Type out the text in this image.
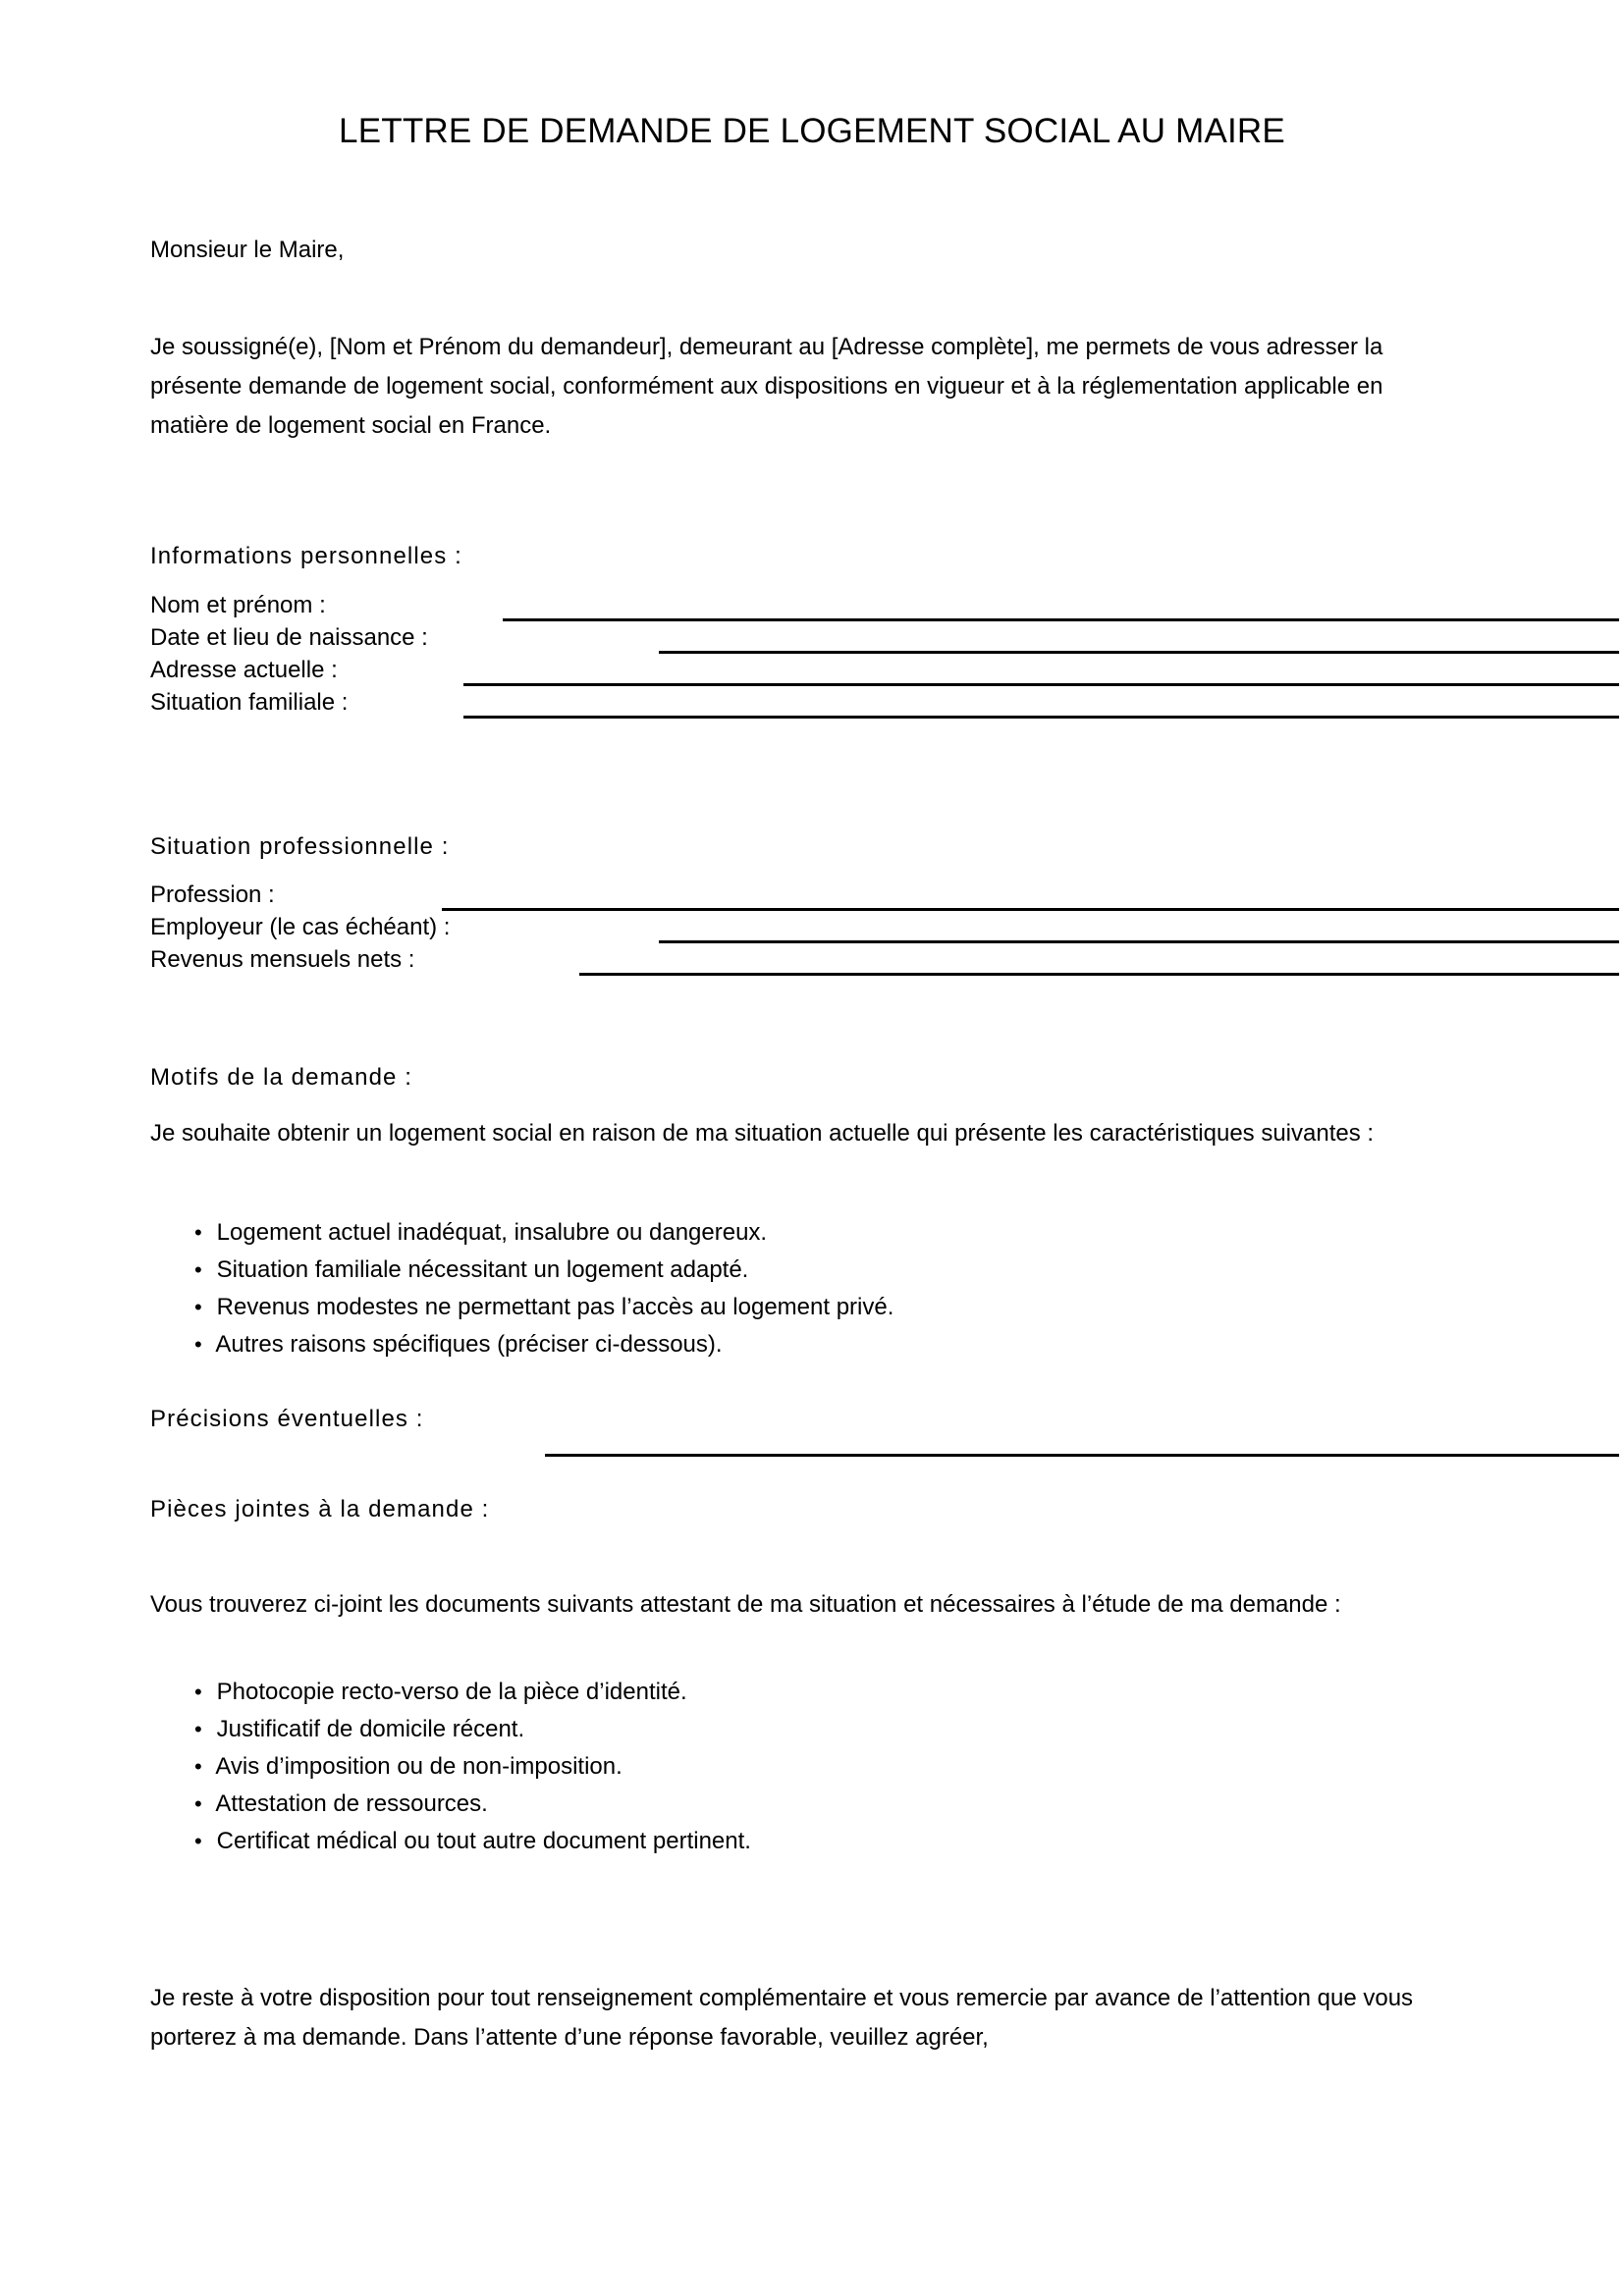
LETTRE DE DEMANDE DE LOGEMENT SOCIAL AU MAIRE
Monsieur le Maire,
Je soussigné(e), [Nom et Prénom du demandeur], demeurant au [Adresse complète], me permets de vous adresser la présente demande de logement social, conformément aux dispositions en vigueur et à la réglementation applicable en matière de logement social en France.
Informations personnelles :
Nom et prénom :
Date et lieu de naissance :
Adresse actuelle :
Situation familiale :
Situation professionnelle :
Profession :
Employeur (le cas échéant) :
Revenus mensuels nets :
Motifs de la demande :
Je souhaite obtenir un logement social en raison de ma situation actuelle qui présente les caractéristiques suivantes :
• Logement actuel inadéquat, insalubre ou dangereux.
• Situation familiale nécessitant un logement adapté.
• Revenus modestes ne permettant pas l’accès au logement privé.
• Autres raisons spécifiques (préciser ci-dessous).
Précisions éventuelles :
Pièces jointes à la demande :
Vous trouverez ci-joint les documents suivants attestant de ma situation et nécessaires à l’étude de ma demande :
• Photocopie recto-verso de la pièce d’identité.
• Justificatif de domicile récent.
• Avis d’imposition ou de non-imposition.
• Attestation de ressources.
• Certificat médical ou tout autre document pertinent.
Je reste à votre disposition pour tout renseignement complémentaire et vous remercie par avance de l’attention que vous porterez à ma demande. Dans l’attente d’une réponse favorable, veuillez agréer,
